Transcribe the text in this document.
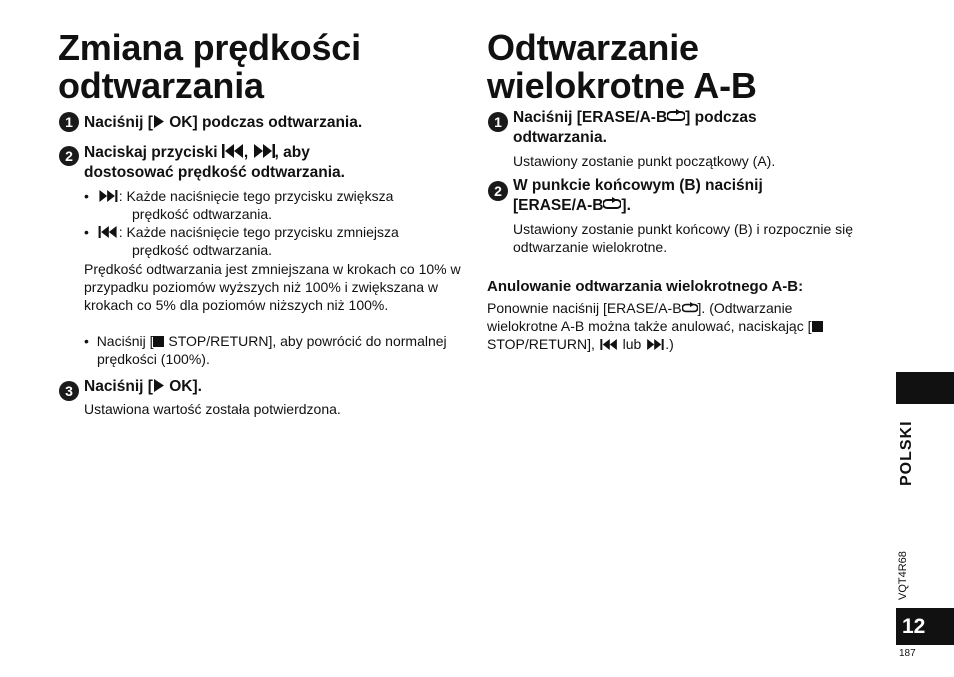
Zmiana prędkości
odtwarzania
1 Naciśnij [ OK] podczas odtwarzania.
2 Naciskaj przyciski , , aby
dostosować prędkość odtwarzania.
•  : Każde naciśnięcie tego przycisku zwiększa
prędkość odtwarzania.
•  : Każde naciśnięcie tego przycisku zmniejsza
prędkość odtwarzania.
Prędkość odtwarzania jest zmniejszana w krokach co 10% w przypadku poziomów wyższych niż 100% i zwiększana w krokach co 5% dla poziomów niższych niż 100%.
•  Naciśnij [ STOP/RETURN], aby powrócić do normalnej prędkości (100%).
3 Naciśnij [ OK].
Ustawiona wartość została potwierdzona.
Odtwarzanie
wielokrotne A-B
1 Naciśnij [ERASE/A-B ] podczas
odtwarzania.
Ustawiony zostanie punkt początkowy (A).
2 W punkcie końcowym (B) naciśnij
[ERASE/A-B ].
Ustawiony zostanie punkt końcowy (B) i rozpocznie się odtwarzanie wielokrotne.
Anulowanie odtwarzania wielokrotnego A-B:
Ponownie naciśnij [ERASE/A-B ]. (Odtwarzanie wielokrotne A-B można także anulować, naciskając [ STOP/RETURN],  lub .)
POLSKI
VQT4R68
12
187
